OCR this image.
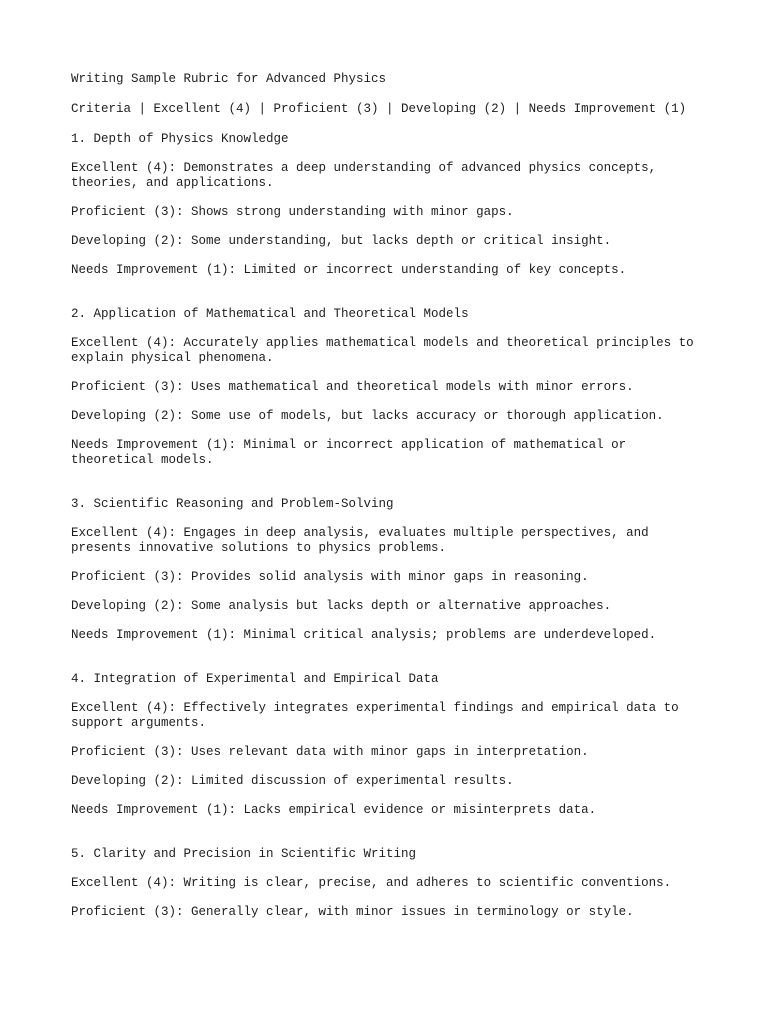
Writing Sample Rubric for Advanced Physics
Criteria | Excellent (4) | Proficient (3) | Developing (2) | Needs Improvement (1)
1. Depth of Physics Knowledge
Excellent (4): Demonstrates a deep understanding of advanced physics concepts,
theories, and applications.
Proficient (3): Shows strong understanding with minor gaps.
Developing (2): Some understanding, but lacks depth or critical insight.
Needs Improvement (1): Limited or incorrect understanding of key concepts.
2. Application of Mathematical and Theoretical Models
Excellent (4): Accurately applies mathematical models and theoretical principles to
explain physical phenomena.
Proficient (3): Uses mathematical and theoretical models with minor errors.
Developing (2): Some use of models, but lacks accuracy or thorough application.
Needs Improvement (1): Minimal or incorrect application of mathematical or
theoretical models.
3. Scientific Reasoning and Problem-Solving
Excellent (4): Engages in deep analysis, evaluates multiple perspectives, and
presents innovative solutions to physics problems.
Proficient (3): Provides solid analysis with minor gaps in reasoning.
Developing (2): Some analysis but lacks depth or alternative approaches.
Needs Improvement (1): Minimal critical analysis; problems are underdeveloped.
4. Integration of Experimental and Empirical Data
Excellent (4): Effectively integrates experimental findings and empirical data to
support arguments.
Proficient (3): Uses relevant data with minor gaps in interpretation.
Developing (2): Limited discussion of experimental results.
Needs Improvement (1): Lacks empirical evidence or misinterprets data.
5. Clarity and Precision in Scientific Writing
Excellent (4): Writing is clear, precise, and adheres to scientific conventions.
Proficient (3): Generally clear, with minor issues in terminology or style.
